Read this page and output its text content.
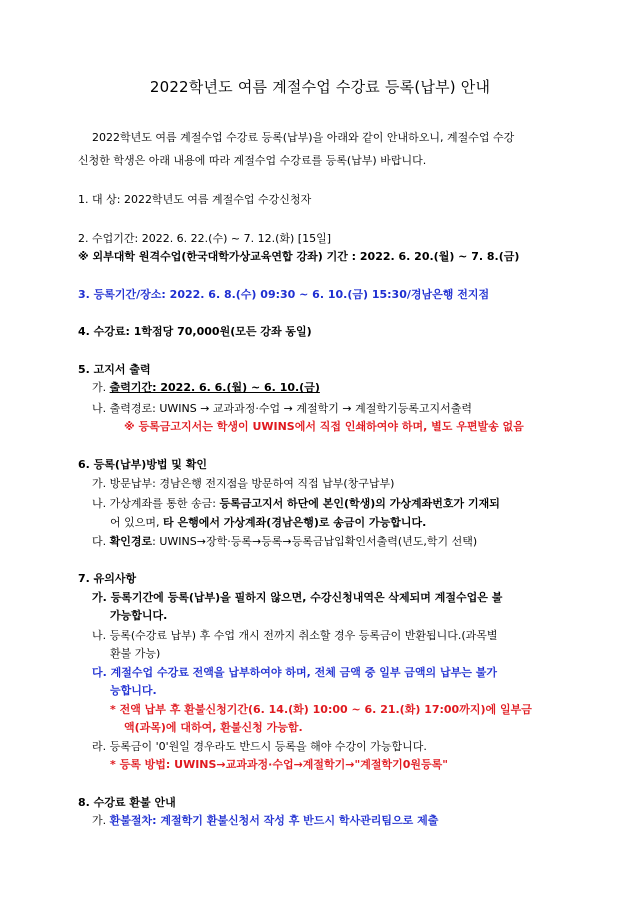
2022학년도 여름 계절수업 수강료 등록(납부) 안내
2022학년도 여름 계절수업 수강료 등록(납부)을 아래와 같이 안내하오니, 계절수업 수강
신청한 학생은 아래 내용에 따라 계절수업 수강료를 등록(납부) 바랍니다.
1. 대 상: 2022학년도 여름 계절수업 수강신청자
2. 수업기간: 2022. 6. 22.(수) ~ 7. 12.(화) [15일]
※ 외부대학 원격수업(한국대학가상교육연합 강좌) 기간 : 2022. 6. 20.(월) ~ 7. 8.(금)
3. 등록기간/장소: 2022. 6. 8.(수) 09:30 ~ 6. 10.(금) 15:30/경남은행 전지점
4. 수강료: 1학점당 70,000원(모든 강좌 동일)
5. 고지서 출력
가. 출력기간: 2022. 6. 6.(월) ~ 6. 10.(금)
나. 출력경로: UWINS → 교과과정·수업 → 계절학기 → 계절학기등록고지서출력
※ 등록금고지서는 학생이 UWINS에서 직접 인쇄하여야 하며, 별도 우편발송 없음
6. 등록(납부)방법 및 확인
가. 방문납부: 경남은행 전지점을 방문하여 직접 납부(창구납부)
나. 가상계좌를 통한 송금: 등록금고지서 하단에 본인(학생)의 가상계좌번호가 기재되
어 있으며, 타 은행에서 가상계좌(경남은행)로 송금이 가능합니다.
다. 확인경로: UWINS→장학·등록→등록→등록금납입확인서출력(년도,학기 선택)
7. 유의사항
가. 등록기간에 등록(납부)을 필하지 않으면, 수강신청내역은 삭제되며 계절수업은 불
가능합니다.
나. 등록(수강료 납부) 후 수업 개시 전까지 취소할 경우 등록금이 반환됩니다.(과목별
환불 가능)
다. 계절수업 수강료 전액을 납부하여야 하며, 전체 금액 중 일부 금액의 납부는 불가
능합니다.
* 전액 납부 후 환불신청기간(6. 14.(화) 10:00 ~ 6. 21.(화) 17:00까지)에 일부금
액(과목)에 대하여, 환불신청 가능함.
라. 등록금이 '0'원일 경우라도 반드시 등록을 해야 수강이 가능합니다.
* 등록 방법: UWINS→교과과정·수업→계절학기→"계절학기0원등록"
8. 수강료 환불 안내
가. 환불절차: 계절학기 환불신청서 작성 후 반드시 학사관리팀으로 제출
